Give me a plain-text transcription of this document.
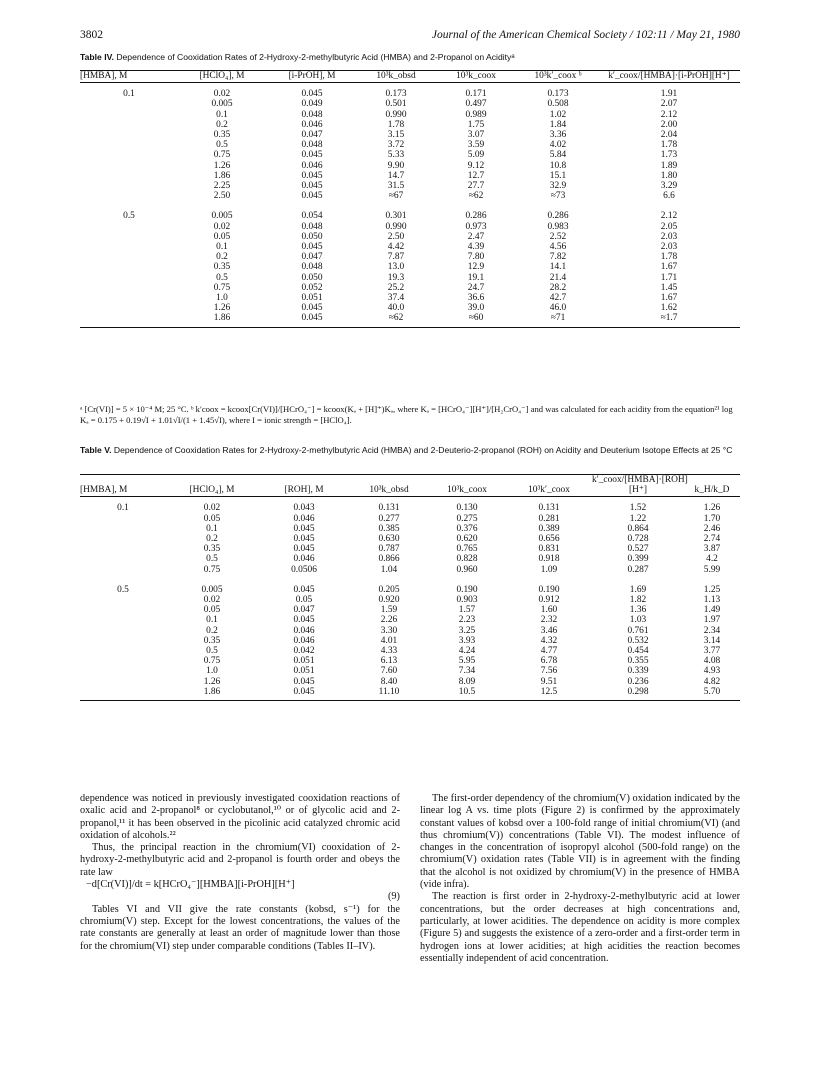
3802	Journal of the American Chemical Society / 102:11 / May 21, 1980
Table IV. Dependence of Cooxidation Rates of 2-Hydroxy-2-methylbutyric Acid (HMBA) and 2-Propanol on Acidityᵃ
[HMBA], M	[HClO₄], M	[i-PrOH], M	10³k_obsd	10³k_coox	10³k′_coox ᵇ	k′_coox/[HMBA]·[i-PrOH][H⁺]
0.1	0.02	0.045	0.173	0.171	0.173	1.91
	0.005	0.049	0.501	0.497	0.508	2.07
	0.1	0.048	0.990	0.989	1.02	2.12
	0.2	0.046	1.78	1.75	1.84	2.00
	0.35	0.047	3.15	3.07	3.36	2.04
	0.5	0.048	3.72	3.59	4.02	1.78
	0.75	0.045	5.33	5.09	5.84	1.73
	1.26	0.046	9.90	9.12	10.8	1.89
	1.86	0.045	14.7	12.7	15.1	1.80
	2.25	0.045	31.5	27.7	32.9	3.29
	2.50	0.045	≈67	≈62	≈73	6.6

0.5	0.005	0.054	0.301	0.286	0.286	2.12
	0.02	0.048	0.990	0.973	0.983	2.05
	0.05	0.050	2.50	2.47	2.52	2.03
	0.1	0.045	4.42	4.39	4.56	2.03
	0.2	0.047	7.87	7.80	7.82	1.78
	0.35	0.048	13.0	12.9	14.1	1.67
	0.5	0.050	19.3	19.1	21.4	1.71
	0.75	0.052	25.2	24.7	28.2	1.45
	1.0	0.051	37.4	36.6	42.7	1.67
	1.26	0.045	40.0	39.0	46.0	1.62
	1.86	0.045	≈62	≈60	≈71	≈1.7
ᵃ [Cr(VI)] = 5 × 10⁻⁴ M; 25 °C. ᵇ k′coox = kcoox[Cr(VI)]/[HCrO₄⁻] = kcoox(Kₐ + [H]⁺)Kₐ, where Kₐ = [HCrO₄⁻][H⁺]/[H₂CrO₄⁻] and was calculated for each acidity from the equation²¹ log Kₐ = 0.175 + 0.19√I + 1.01√I/(1 + 1.45√I), where I = ionic strength = [HClO₄].
Table V. Dependence of Cooxidation Rates for 2-Hydroxy-2-methylbutyric Acid (HMBA) and 2-Deuterio-2-propanol (ROH) on Acidity and Deuterium Isotope Effects at 25 °C
[HMBA], M	[HClO₄], M	[ROH], M	10³k_obsd	10³k_coox	10³k′_coox	k′_coox/[HMBA]·[ROH][H⁺]	k_H/k_D
0.1	0.02	0.043	0.131	0.130	0.131	1.52	1.26
	0.05	0.046	0.277	0.275	0.281	1.22	1.70
	0.1	0.045	0.385	0.376	0.389	0.864	2.46
	0.2	0.045	0.630	0.620	0.656	0.728	2.74
	0.35	0.045	0.787	0.765	0.831	0.527	3.87
	0.5	0.046	0.866	0.828	0.918	0.399	4.2
	0.75	0.0506	1.04	0.960	1.09	0.287	5.99

0.5	0.005	0.045	0.205	0.190	0.190	1.69	1.25
	0.02	0.05	0.920	0.903	0.912	1.82	1.13
	0.05	0.047	1.59	1.57	1.60	1.36	1.49
	0.1	0.045	2.26	2.23	2.32	1.03	1.97
	0.2	0.046	3.30	3.25	3.46	0.761	2.34
	0.35	0.046	4.01	3.93	4.32	0.532	3.14
	0.5	0.042	4.33	4.24	4.77	0.454	3.77
	0.75	0.051	6.13	5.95	6.78	0.355	4.08
	1.0	0.051	7.60	7.34	7.56	0.339	4.93
	1.26	0.045	8.40	8.09	9.51	0.236	4.82
	1.86	0.045	11.10	10.5	12.5	0.298	5.70

dependence was noticed in previously investigated cooxidation reactions of oxalic acid and 2-propanol⁸ or cyclobutanol,¹⁰ or of glycolic acid and 2-propanol,¹¹ it has been observed in the picolinic acid catalyzed chromic acid oxidation of alcohols.²²

Thus, the principal reaction in the chromium(VI) cooxidation of 2-hydroxy-2-methylbutyric acid and 2-propanol is fourth order and obeys the rate law

−d[Cr(VI)]/dt = k[HCrO₄⁻][HMBA][i-PrOH][H⁺]

(9)

Tables VI and VII give the rate constants (kobsd, s⁻¹) for the chromium(V) step. Except for the lowest concentrations, the values of the rate constants are generally at least an order of magnitude lower than those for the chromium(VI) step under comparable conditions (Tables II–IV).

The first-order dependency of the chromium(V) oxidation indicated by the linear log A vs. time plots (Figure 2) is confirmed by the approximately constant values of kobsd over a 100-fold range of initial chromium(VI) (and thus chromium(V)) concentrations (Table VI). The modest influence of changes in the concentration of isopropyl alcohol (500-fold range) on the chromium(V) oxidation rates (Table VII) is in agreement with the finding that the alcohol is not oxidized by chromium(V) in the presence of HMBA (vide infra).

The reaction is first order in 2-hydroxy-2-methylbutyric acid at lower concentrations, but the order decreases at high concentrations and, particularly, at lower acidities. The dependence on acidity is more complex (Figure 5) and suggests the existence of a zero-order and a first-order term in hydrogen ions at lower acidities; at high acidities the reaction becomes essentially independent of acid concentration.
